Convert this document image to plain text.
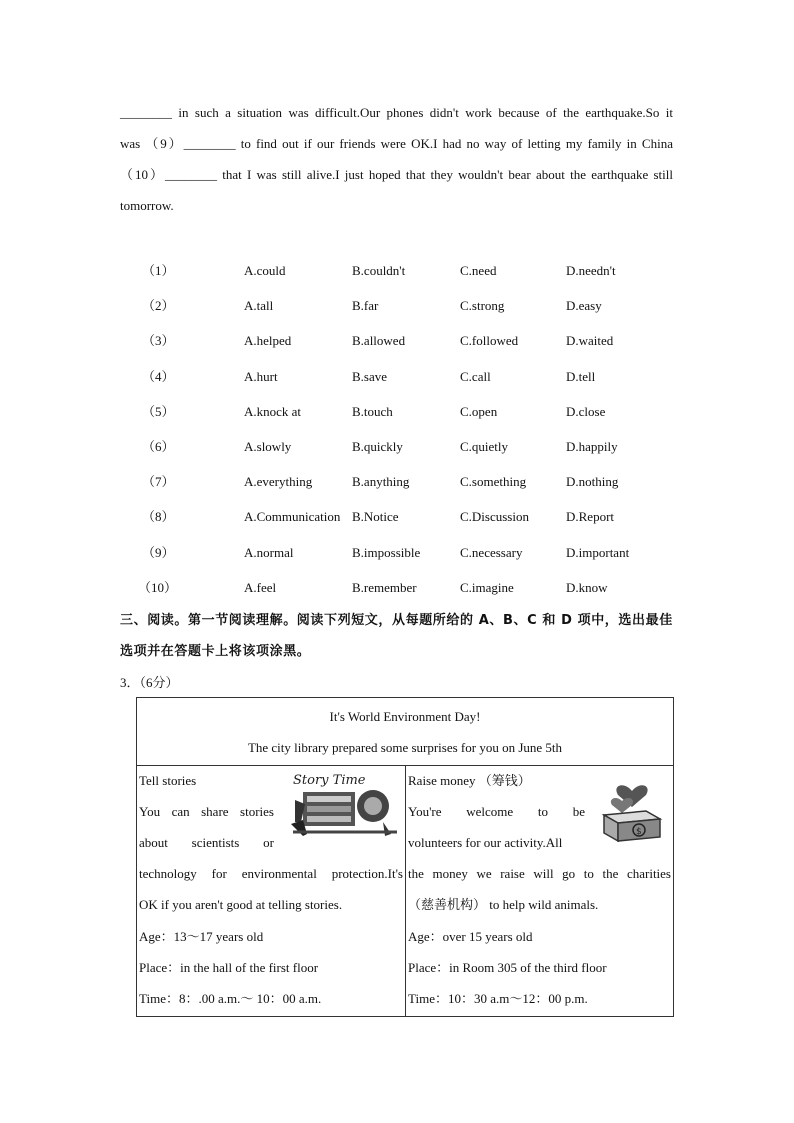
________ in such a situation was difficult.Our phones didn't work because of the earthquake.So it
was （9）________ to find out if our friends were OK.I had no way of letting my family in China
（10）________ that I was still alive.I just hoped that they wouldn't bear about the earthquake still
tomorrow.
（1）	A.could	B.couldn't	C.need	D.needn't
（2）	A.tall	B.far	C.strong	D.easy
（3）	A.helped	B.allowed	C.followed	D.waited
（4）	A.hurt	B.save	C.call	D.tell
（5）	A.knock at	B.touch	C.open	D.close
（6）	A.slowly	B.quickly	C.quietly	D.happily
（7）	A.everything	B.anything	C.something	D.nothing
（8）	A.Communication B.Notice	C.Discussion	D.Report
（9）	A.normal	B.impossible	C.necessary	D.important
（10）	A.feel	B.remember	C.imagine	D.know
三、阅读。第一节阅读理解。阅读下列短文，从每题所给的 A、B、C 和 D 项中，选出最佳
选项并在答题卡上将该项涂黑。
3．（6分）
It's World Environment Day!
The city library prepared some surprises for you on June 5th
Tell stories
You can share stories
about scientists or
technology for environmental protection.It's
OK if you aren't good at telling stories.
Age：13～17 years old
Place：in the hall of the first floor
Time：8：.00 a.m.～ 10：00 a.m.
Story Time	Raise money （筹钱）
You're welcome to be
volunteers for our activity.All
the money we raise will go to the charities
（慈善机构） to help wild animals.
Age：over 15 years old
Place：in Room 305 of the third floor
Time：10：30 a.m～12：00 p.m.
$
